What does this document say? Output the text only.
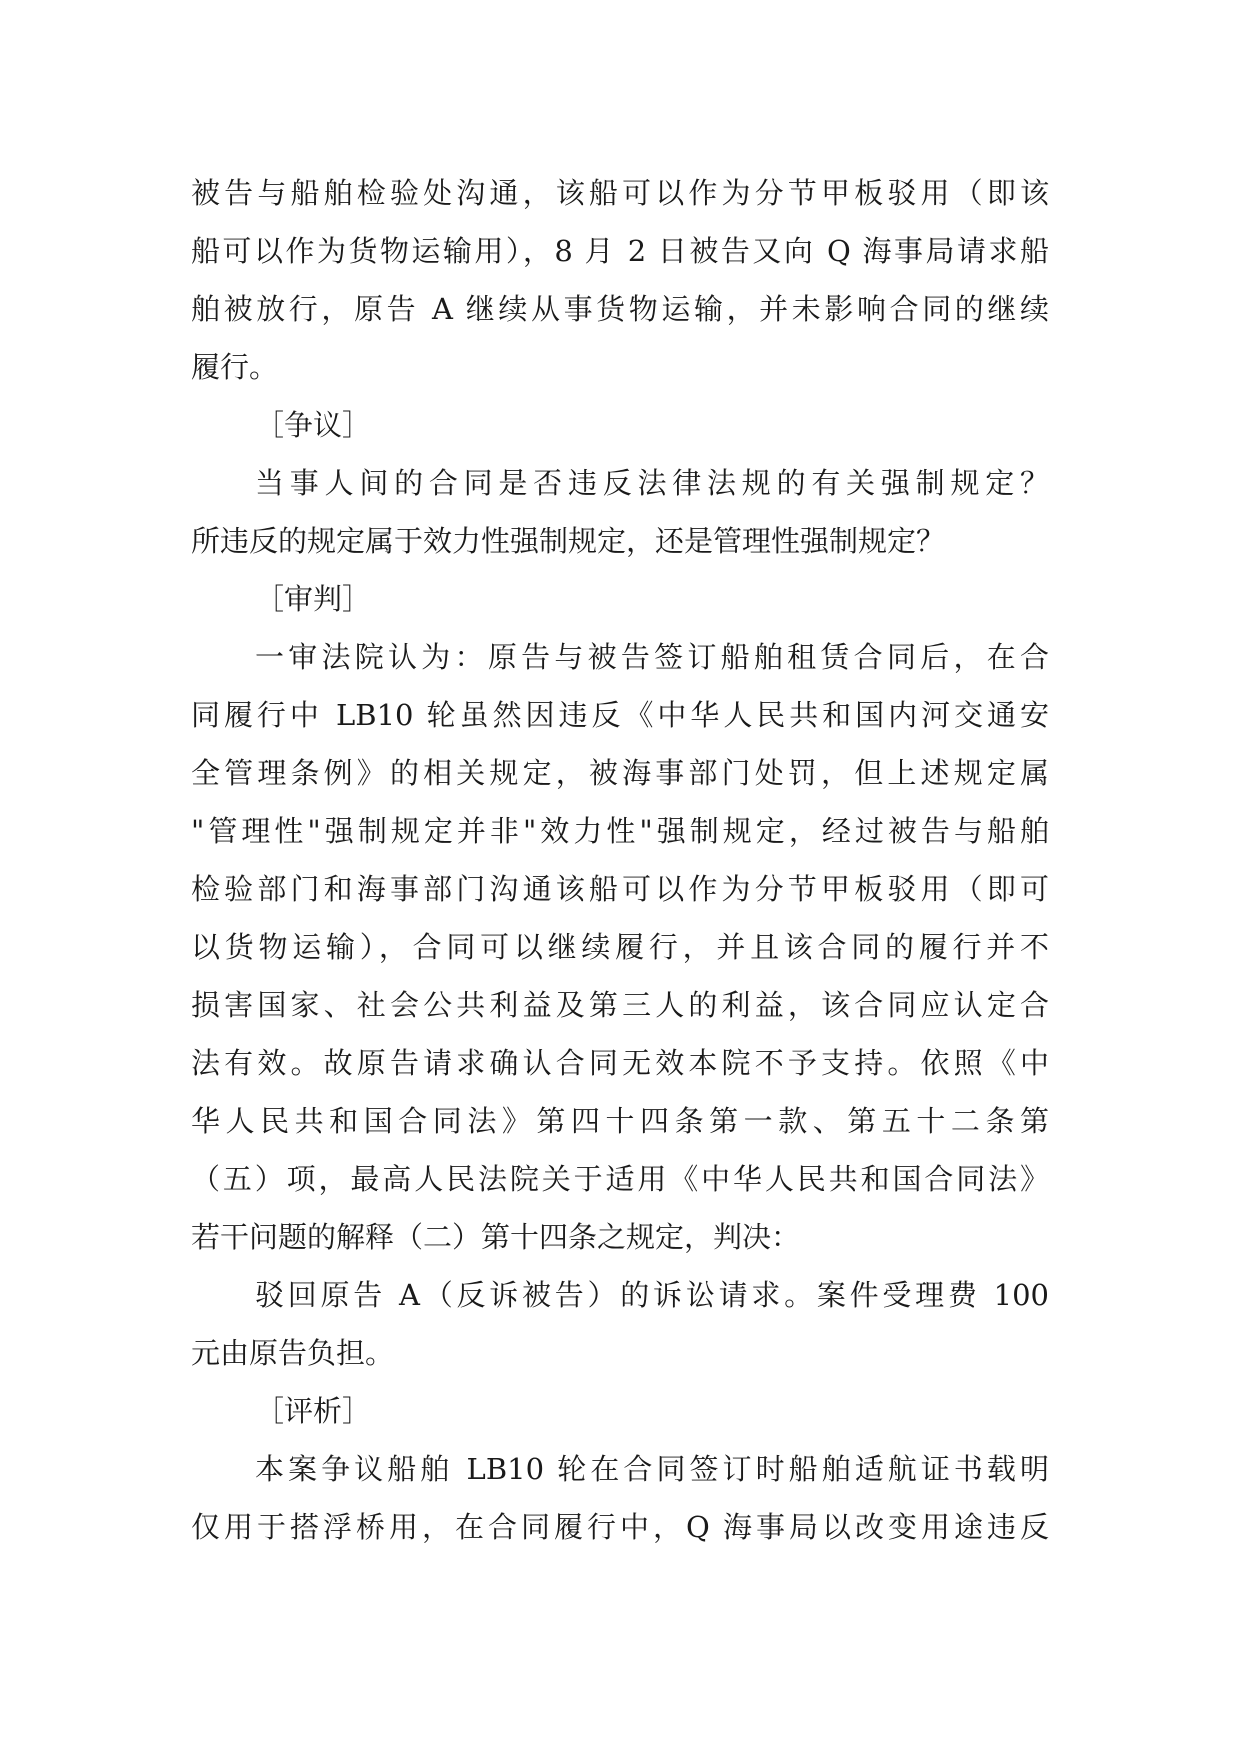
被告与船舶检验处沟通，该船可以作为分节甲板驳用（即该
船可以作为货物运输用），8 月 2 日被告又向 Q 海事局请求船
舶被放行，原告 A 继续从事货物运输，并未影响合同的继续
履行。
［争议］
当事人间的合同是否违反法律法规的有关强制规定？
所违反的规定属于效力性强制规定，还是管理性强制规定？
［审判］
一审法院认为：原告与被告签订船舶租赁合同后，在合
同履行中 LB10 轮虽然因违反《中华人民共和国内河交通安
全管理条例》的相关规定，被海事部门处罚，但上述规定属
"管理性"强制规定并非"效力性"强制规定，经过被告与船舶
检验部门和海事部门沟通该船可以作为分节甲板驳用（即可
以货物运输），合同可以继续履行，并且该合同的履行并不
损害国家、社会公共利益及第三人的利益，该合同应认定合
法有效。故原告请求确认合同无效本院不予支持。依照《中
华人民共和国合同法》第四十四条第一款、第五十二条第
（五）项，最高人民法院关于适用《中华人民共和国合同法》
若干问题的解释（二）第十四条之规定，判决：
驳回原告 A（反诉被告）的诉讼请求。案件受理费 100
元由原告负担。
［评析］
本案争议船舶 LB10 轮在合同签订时船舶适航证书载明
仅用于搭浮桥用，在合同履行中，Q 海事局以改变用途违反
